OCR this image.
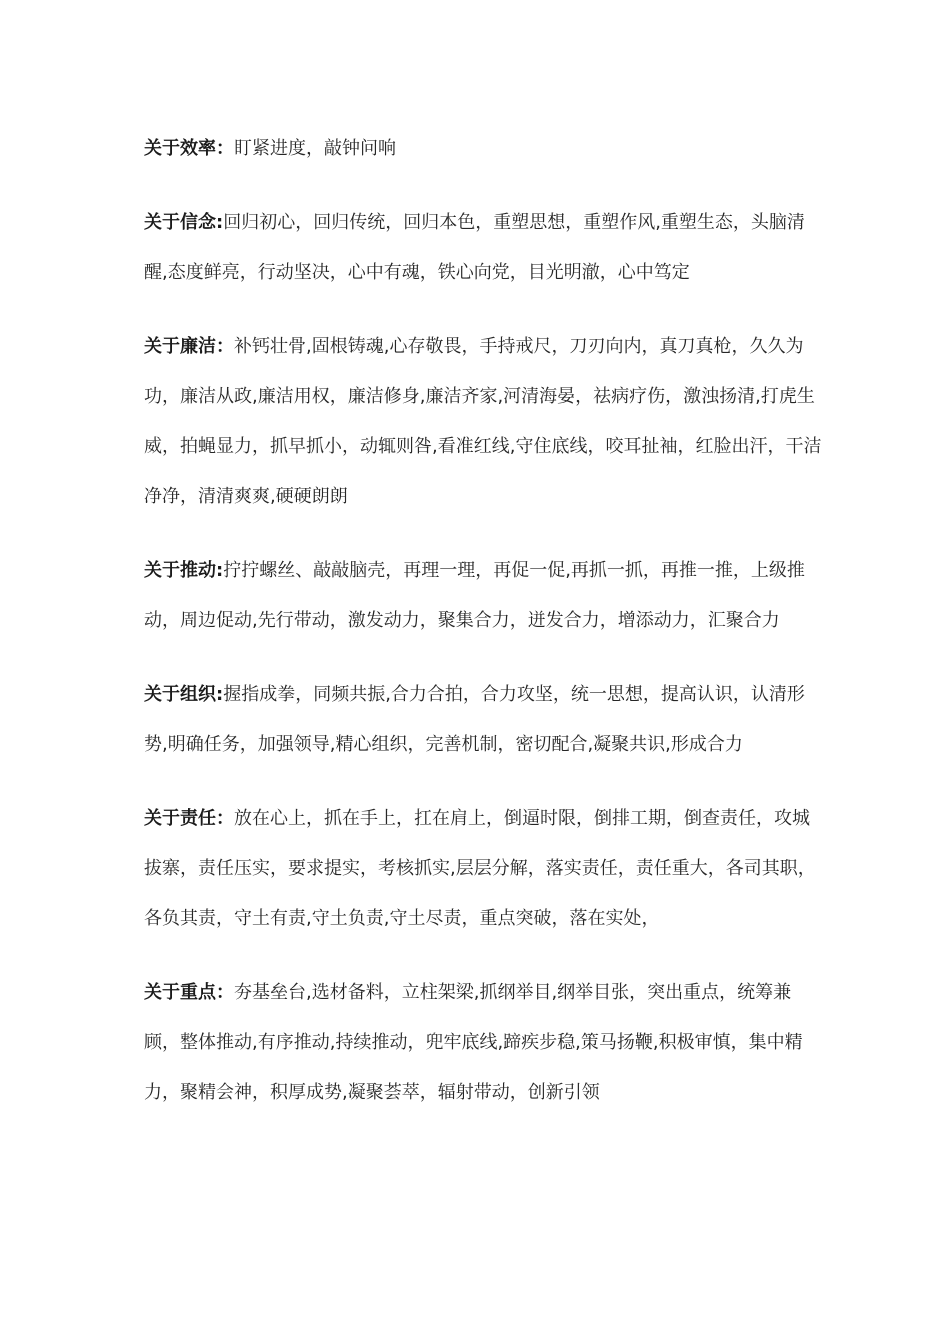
关于效率：盯紧进度，敲钟问响

关于信念:回归初心，回归传统，回归本色，重塑思想，重塑作风,重塑生态，头脑清醒,态度鲜亮，行动坚决，心中有魂，铁心向党，目光明澈，心中笃定

关于廉洁：补钙壮骨,固根铸魂,心存敬畏，手持戒尺，刀刃向内，真刀真枪，久久为功，廉洁从政,廉洁用权，廉洁修身,廉洁齐家,河清海晏，祛病疗伤，激浊扬清,打虎生威，拍蝇显力，抓早抓小，动辄则咎,看准红线,守住底线，咬耳扯袖，红脸出汗，干洁净净，清清爽爽,硬硬朗朗

关于推动:拧拧螺丝、敲敲脑壳，再理一理，再促一促,再抓一抓，再推一推，上级推动，周边促动,先行带动，激发动力，聚集合力，迸发合力，增添动力，汇聚合力

关于组织:握指成拳，同频共振,合力合拍，合力攻坚，统一思想，提高认识，认清形势,明确任务，加强领导,精心组织，完善机制，密切配合,凝聚共识,形成合力

关于责任：放在心上，抓在手上，扛在肩上，倒逼时限，倒排工期，倒查责任，攻城拔寨，责任压实，要求提实，考核抓实,层层分解，落实责任，责任重大，各司其职，各负其责，守土有责,守土负责,守土尽责，重点突破，落在实处，

关于重点：夯基垒台,选材备料，立柱架梁,抓纲举目,纲举目张，突出重点，统筹兼顾，整体推动,有序推动,持续推动，兜牢底线,蹄疾步稳,策马扬鞭,积极审慎，集中精力，聚精会神，积厚成势,凝聚荟萃，辐射带动，创新引领
